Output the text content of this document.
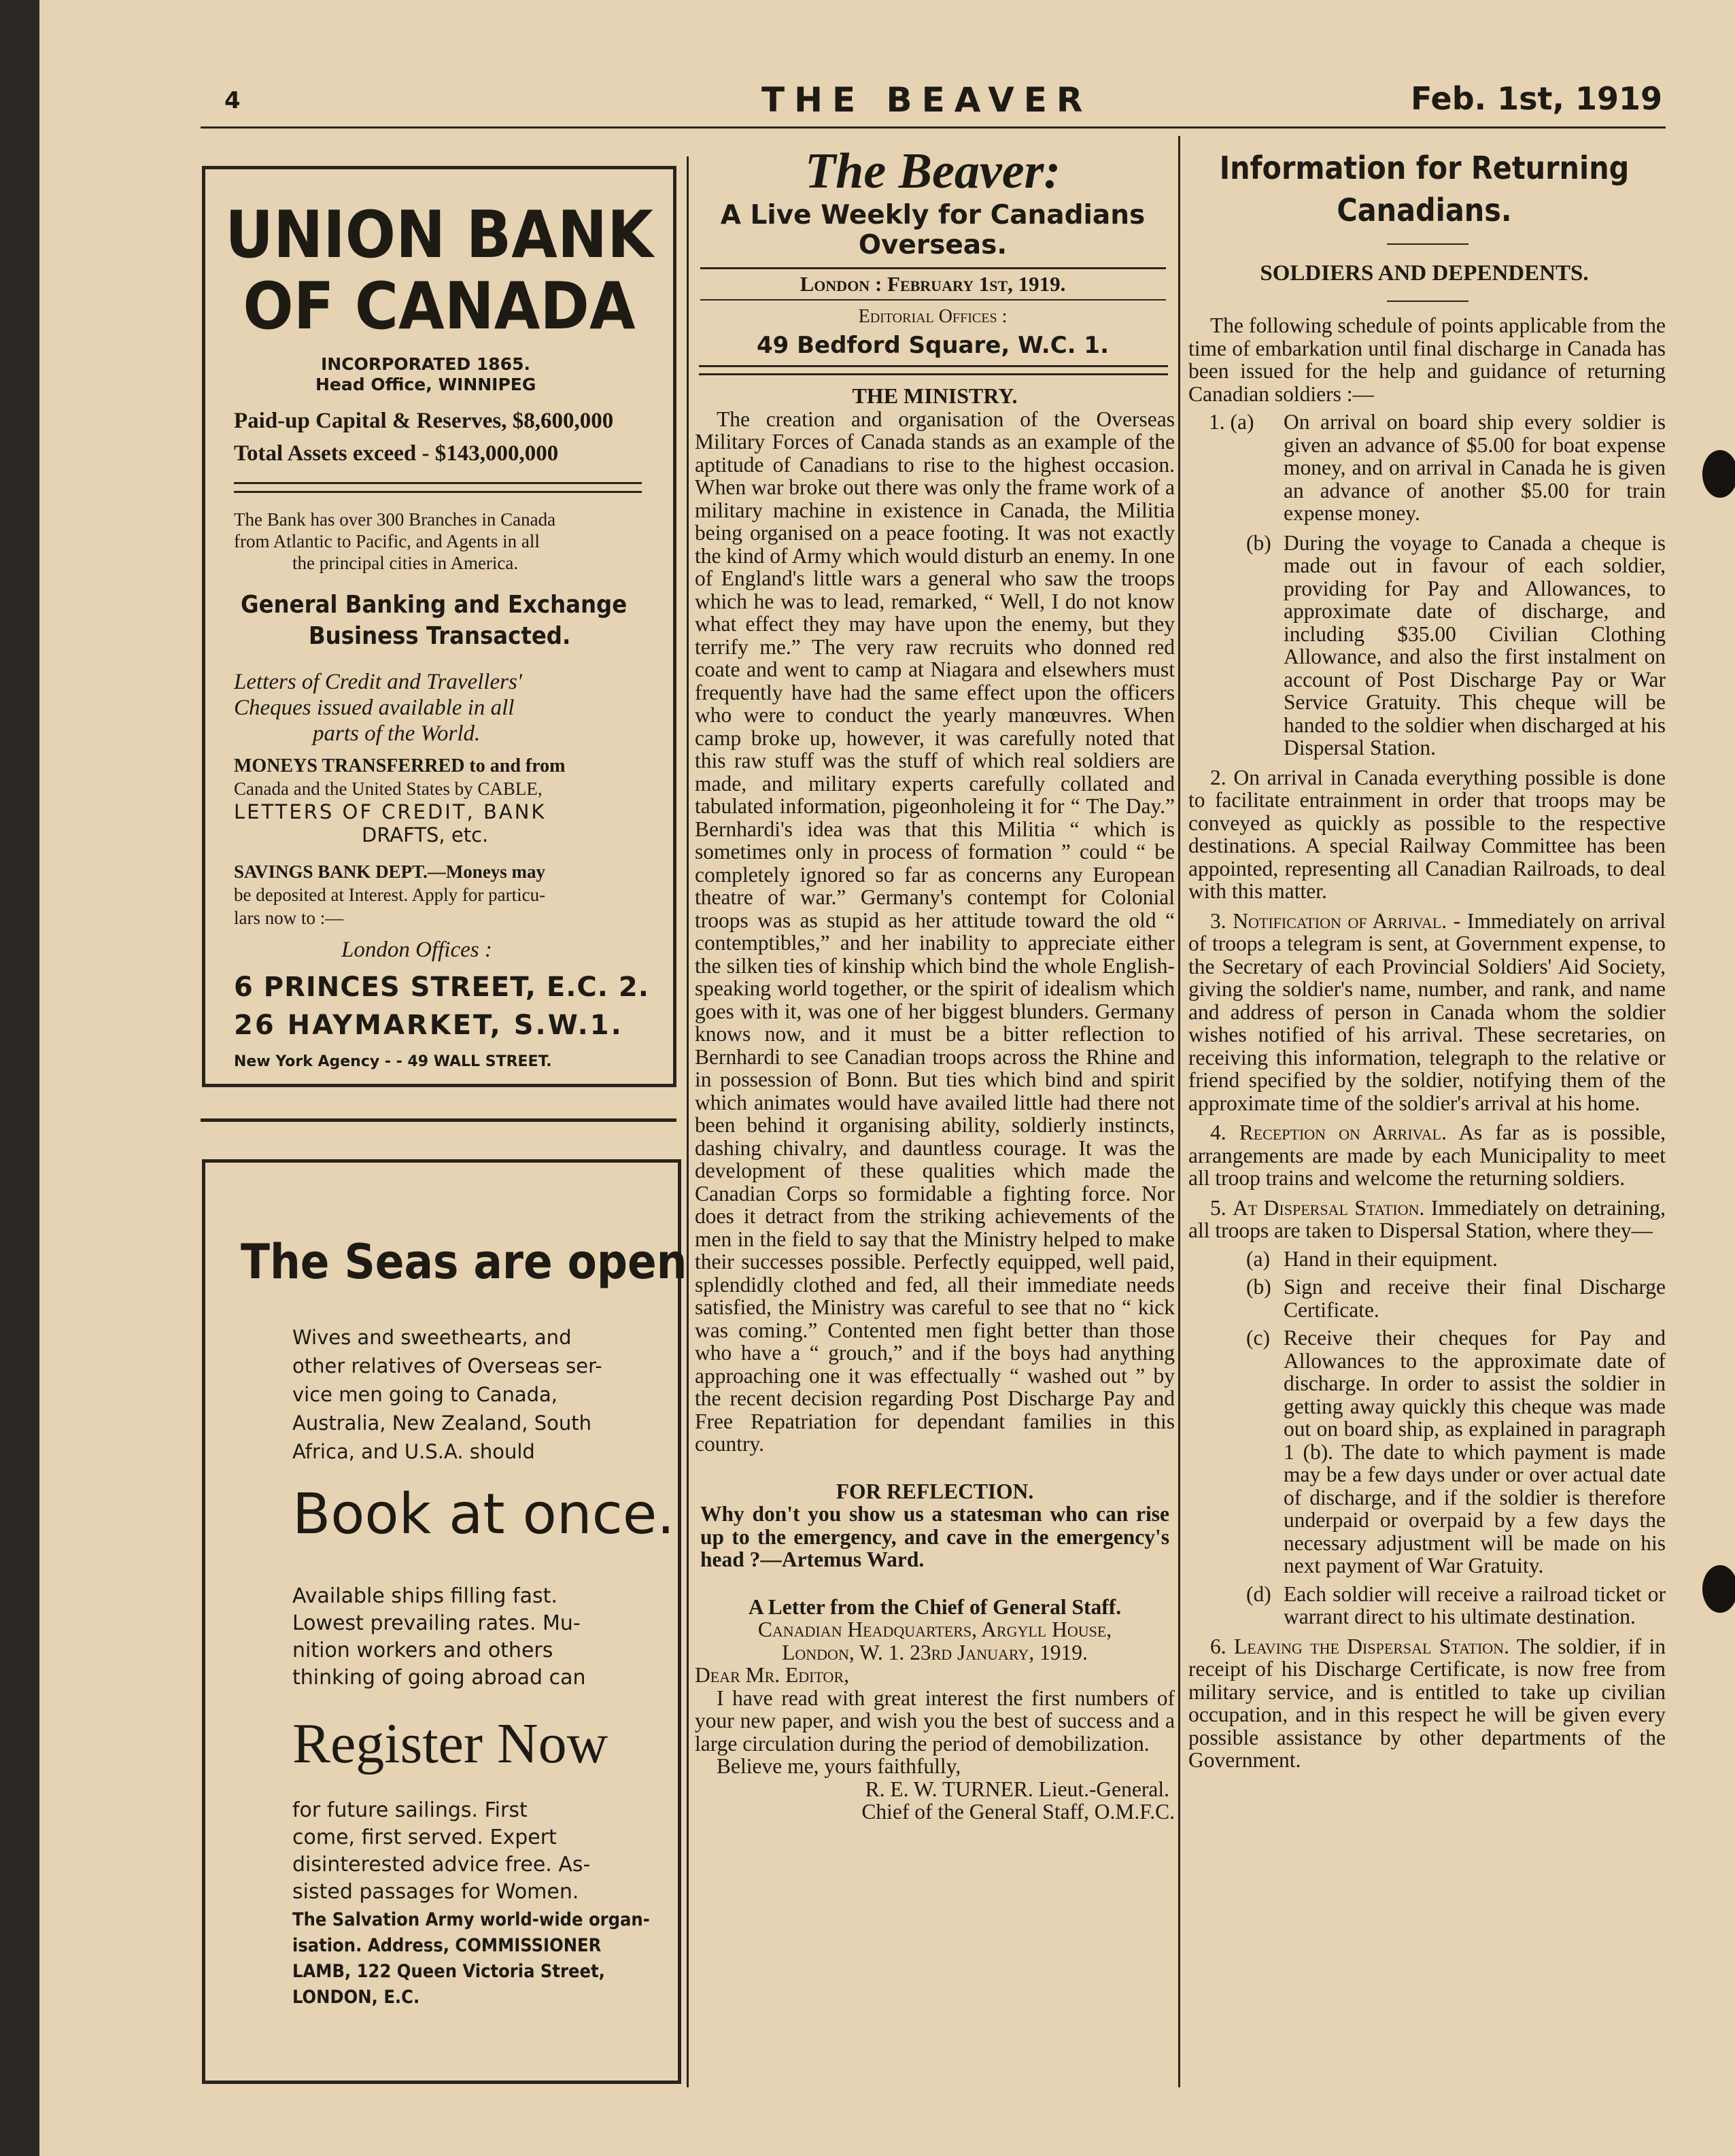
4	THE BEAVER	Feb. 1st, 1919
UNION BANK
OF CANADA
INCORPORATED 1865.
Head Office, WINNIPEG
Paid-up Capital & Reserves, $8,600,000
Total Assets exceed - $143,000,000
The Bank has over 300 Branches in Canada
from Atlantic to Pacific, and Agents in all
the principal cities in America.
General Banking and Exchange
Business Transacted.
Letters of Credit and Travellers'
Cheques issued available in all
parts of the World.
MONEYS TRANSFERRED to and from
Canada and the United States by CABLE,
LETTERS OF CREDIT, BANK
DRAFTS, etc.
SAVINGS BANK DEPT.—Moneys may
be deposited at Interest. Apply for particu-
lars now to :—
London Offices :
6 PRINCES STREET, E.C. 2.
26 HAYMARKET, S.W.1.
New York Agency - - 49 WALL STREET.
The Seas are open
Wives and sweethearts, and
other relatives of Overseas ser-
vice men going to Canada,
Australia, New Zealand, South
Africa, and U.S.A. should
Book at once.
Available ships filling fast.
Lowest prevailing rates. Mu-
nition workers and others
thinking of going abroad can
Register Now
for future sailings. First
come, first served. Expert
disinterested advice free. As-
sisted passages for Women.
The Salvation Army world-wide organ-
isation. Address, COMMISSIONER
LAMB, 122 Queen Victoria Street,
LONDON, E.C.
The Beaver:
A Live Weekly for Canadians
Overseas.
London : February 1st, 1919.
Editorial Offices :
49 Bedford Square, W.C. 1.

THE MINISTRY.

The creation and organisation of the Overseas Military Forces of Canada stands as an example of the aptitude of Canadians to rise to the highest occasion. When war broke out there was only the frame work of a military machine in existence in Canada, the Militia being organised on a peace footing. It was not exactly the kind of Army which would disturb an enemy. In one of England's little wars a general who saw the troops which he was to lead, remarked, “ Well, I do not know what effect they may have upon the enemy, but they terrify me.” The very raw recruits who donned red coate and went to camp at Niagara and elsewhers must frequently have had the same effect upon the officers who were to conduct the yearly manœuvres. When camp broke up, however, it was carefully noted that this raw stuff was the stuff of which real soldiers are made, and military experts carefully collated and tabulated information, pigeonholeing it for “ The Day.” Bernhardi's idea was that this Militia “ which is sometimes only in process of formation ” could “ be completely ignored so far as concerns any European theatre of war.” Germany's contempt for Colonial troops was as stupid as her attitude toward the old “ contemptibles,” and her inability to appreciate either the silken ties of kinship which bind the whole English-speaking world together, or the spirit of idealism which goes with it, was one of her biggest blunders. Germany knows now, and it must be a bitter reflection to Bernhardi to see Canadian troops across the Rhine and in possession of Bonn. But ties which bind and spirit which animates would have availed little had there not been behind it organising ability, soldierly instincts, dashing chivalry, and dauntless courage. It was the development of these qualities which made the Canadian Corps so formidable a fighting force. Nor does it detract from the striking achievements of the men in the field to say that the Ministry helped to make their successes possible. Perfectly equipped, well paid, splendidly clothed and fed, all their immediate needs satisfied, the Ministry was careful to see that no “ kick was coming.” Contented men fight better than those who have a “ grouch,” and if the boys had anything approaching one it was effectually “ washed out ” by the recent decision regarding Post Discharge Pay and Free Repatriation for dependant families in this country.

FOR REFLECTION.

Why don't you show us a statesman who can rise up to the emergency, and cave in the emergency's head ?—Artemus Ward.

A Letter from the Chief of General Staff.

Canadian Headquarters, Argyll House,

London, W. 1. 23rd January, 1919.

Dear Mr. Editor,

I have read with great interest the first numbers of your new paper, and wish you the best of success and a large circulation during the period of demobilization.

Believe me, yours faithfully,

R. E. W. TURNER. Lieut.-General.

Chief of the General Staff, O.M.F.C.

Information for Returning
Canadians.
SOLDIERS AND DEPENDENTS.

The following schedule of points applicable from the time of embarkation until final discharge in Canada has been issued for the help and guidance of returning Canadian soldiers :—

1. (a)	On arrival on board ship every soldier is given an advance of $5.00 for boat expense money, and on arrival in Canada he is given an advance of another $5.00 for train expense money.
(b) During the voyage to Canada a cheque is made out in favour of each soldier, providing for Pay and Allowances, to approximate date of discharge, and including $35.00 Civilian Clothing Allowance, and also the first instalment on account of Post Discharge Pay or War Service Gratuity. This cheque will be handed to the soldier when discharged at his Dispersal Station.

2. On arrival in Canada everything possible is done to facilitate entrainment in order that troops may be conveyed as quickly as possible to the respective destinations. A special Railway Committee has been appointed, representing all Canadian Railroads, to deal with this matter.

3. Notification of Arrival. - Immediately on arrival of troops a telegram is sent, at Government expense, to the Secretary of each Provincial Soldiers' Aid Society, giving the soldier's name, number, and rank, and name and address of person in Canada whom the soldier wishes notified of his arrival. These secretaries, on receiving this information, telegraph to the relative or friend specified by the soldier, notifying them of the approximate time of the soldier's arrival at his home.

4. Reception on Arrival. As far as is possible, arrangements are made by each Municipality to meet all troop trains and welcome the returning soldiers.

5. At Dispersal Station. Immediately on detraining, all troops are taken to Dispersal Station, where they—

(a) Hand in their equipment.
(b) Sign and receive their final Discharge Certificate.
(c) Receive their cheques for Pay and Allowances to the approximate date of discharge. In order to assist the soldier in getting away quickly this cheque was made out on board ship, as explained in paragraph 1 (b). The date to which payment is made may be a few days under or over actual date of discharge, and if the soldier is therefore underpaid or overpaid by a few days the necessary adjustment will be made on his next payment of War Gratuity.
(d) Each soldier will receive a railroad ticket or warrant direct to his ultimate destination.

6. Leaving the Dispersal Station. The soldier, if in receipt of his Discharge Certificate, is now free from military service, and is entitled to take up civilian occupation, and in this respect he will be given every possible assistance by other departments of the Government.
